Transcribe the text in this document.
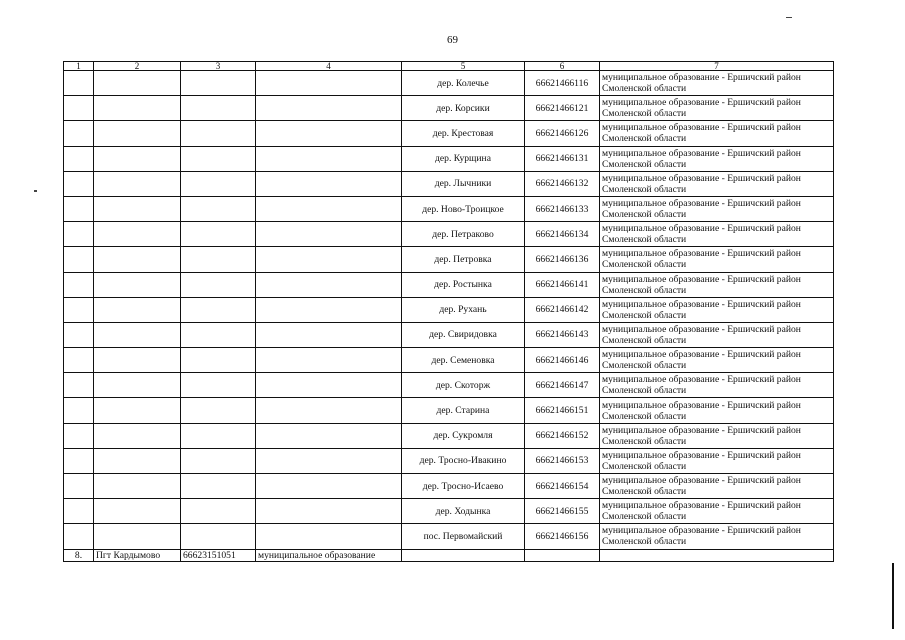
69
1	2	3	4	5	6	7
				дер. Колечье	66621466116	муниципальное образование - Ершичский район
Смоленской области

				дер. Корсики	66621466121	муниципальное образование - Ершичский район
Смоленской области

				дер. Крестовая	66621466126	муниципальное образование - Ершичский район
Смоленской области

				дер. Курщина	66621466131	муниципальное образование - Ершичский район
Смоленской области

				дер. Лычники	66621466132	муниципальное образование - Ершичский район
Смоленской области

				дер. Ново-Троицкое	66621466133	муниципальное образование - Ершичский район
Смоленской области

				дер. Петраково	66621466134	муниципальное образование - Ершичский район
Смоленской области

				дер. Петровка	66621466136	муниципальное образование - Ершичский район
Смоленской области

				дер. Ростынка	66621466141	муниципальное образование - Ершичский район
Смоленской области

				дер. Рухань	66621466142	муниципальное образование - Ершичский район
Смоленской области

				дер. Свиридовка	66621466143	муниципальное образование - Ершичский район
Смоленской области

				дер. Семеновка	66621466146	муниципальное образование - Ершичский район
Смоленской области

				дер. Скоторж	66621466147	муниципальное образование - Ершичский район
Смоленской области

				дер. Старина	66621466151	муниципальное образование - Ершичский район
Смоленской области

				дер. Сукромля	66621466152	муниципальное образование - Ершичский район
Смоленской области

				дер. Тросно-Ивакино	66621466153	муниципальное образование - Ершичский район
Смоленской области

				дер. Тросно-Исаево	66621466154	муниципальное образование - Ершичский район
Смоленской области

				дер. Ходынка	66621466155	муниципальное образование - Ершичский район
Смоленской области

				пос. Первомайский	66621466156	муниципальное образование - Ершичский район
Смоленской области

8.	Пгт Кардымово	66623151051	муниципальное образование			
